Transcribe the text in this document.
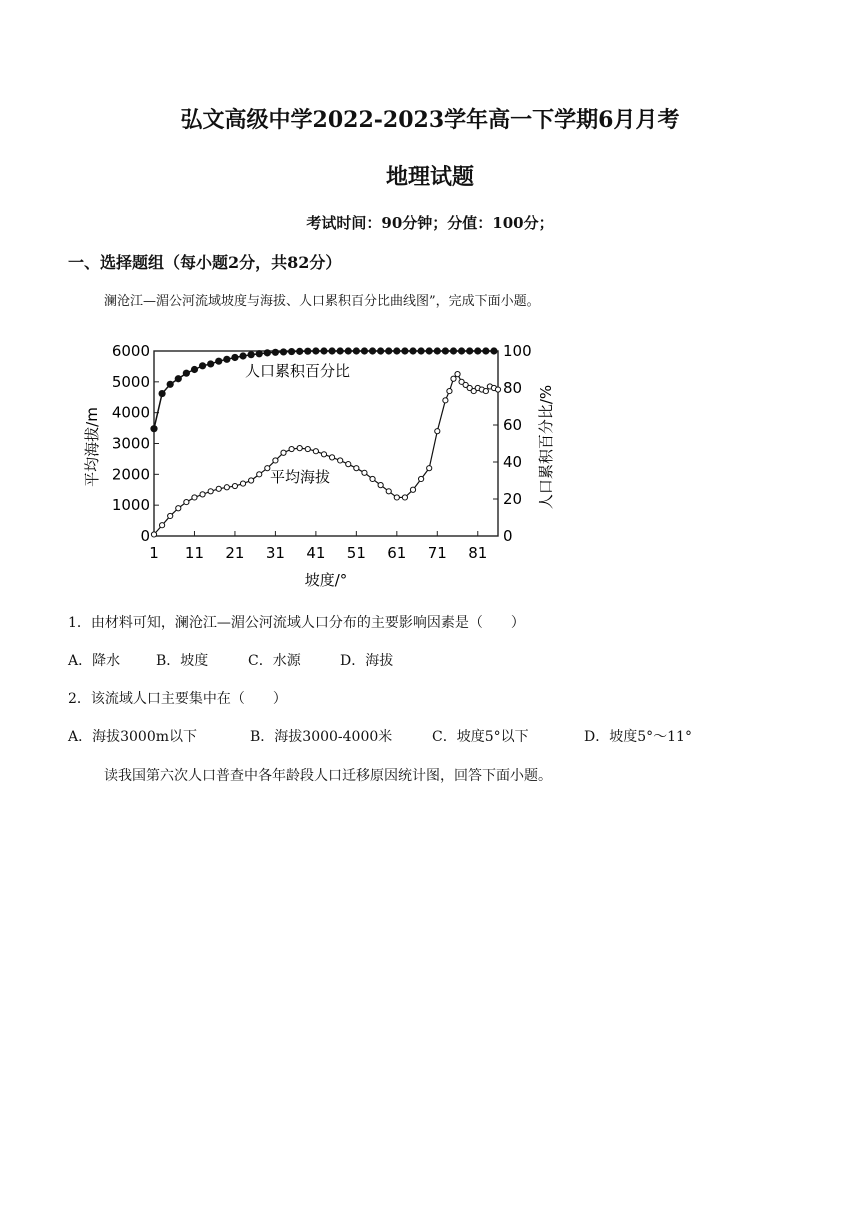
弘文高级中学2022-2023学年高一下学期6月月考
地理试题
考试时间：90分钟；分值：100分；
一、选择题组（每小题2分，共82分）
澜沧江—湄公河流域坡度与海拔、人口累积百分比曲线图”，完成下面小题。
1 11 21 31 41 51 61 71 81
0
1000
2000
3000
4000
5000
6000
0
20
40
60
80
100
人口累积百分比
平均海拔
坡度/°
平均海拔/m	人口累积百分比/%
1．由材料可知，澜沧江—湄公河流域人口分布的主要影响因素是（　　）
A．降水	B．坡度	C．水源	D．海拔
2．该流域人口主要集中在（　　）
A．海拔3000m以下	B．海拔3000-4000米	C．坡度5°以下	D．坡度5°～11°
读我国第六次人口普查中各年龄段人口迁移原因统计图，回答下面小题。
